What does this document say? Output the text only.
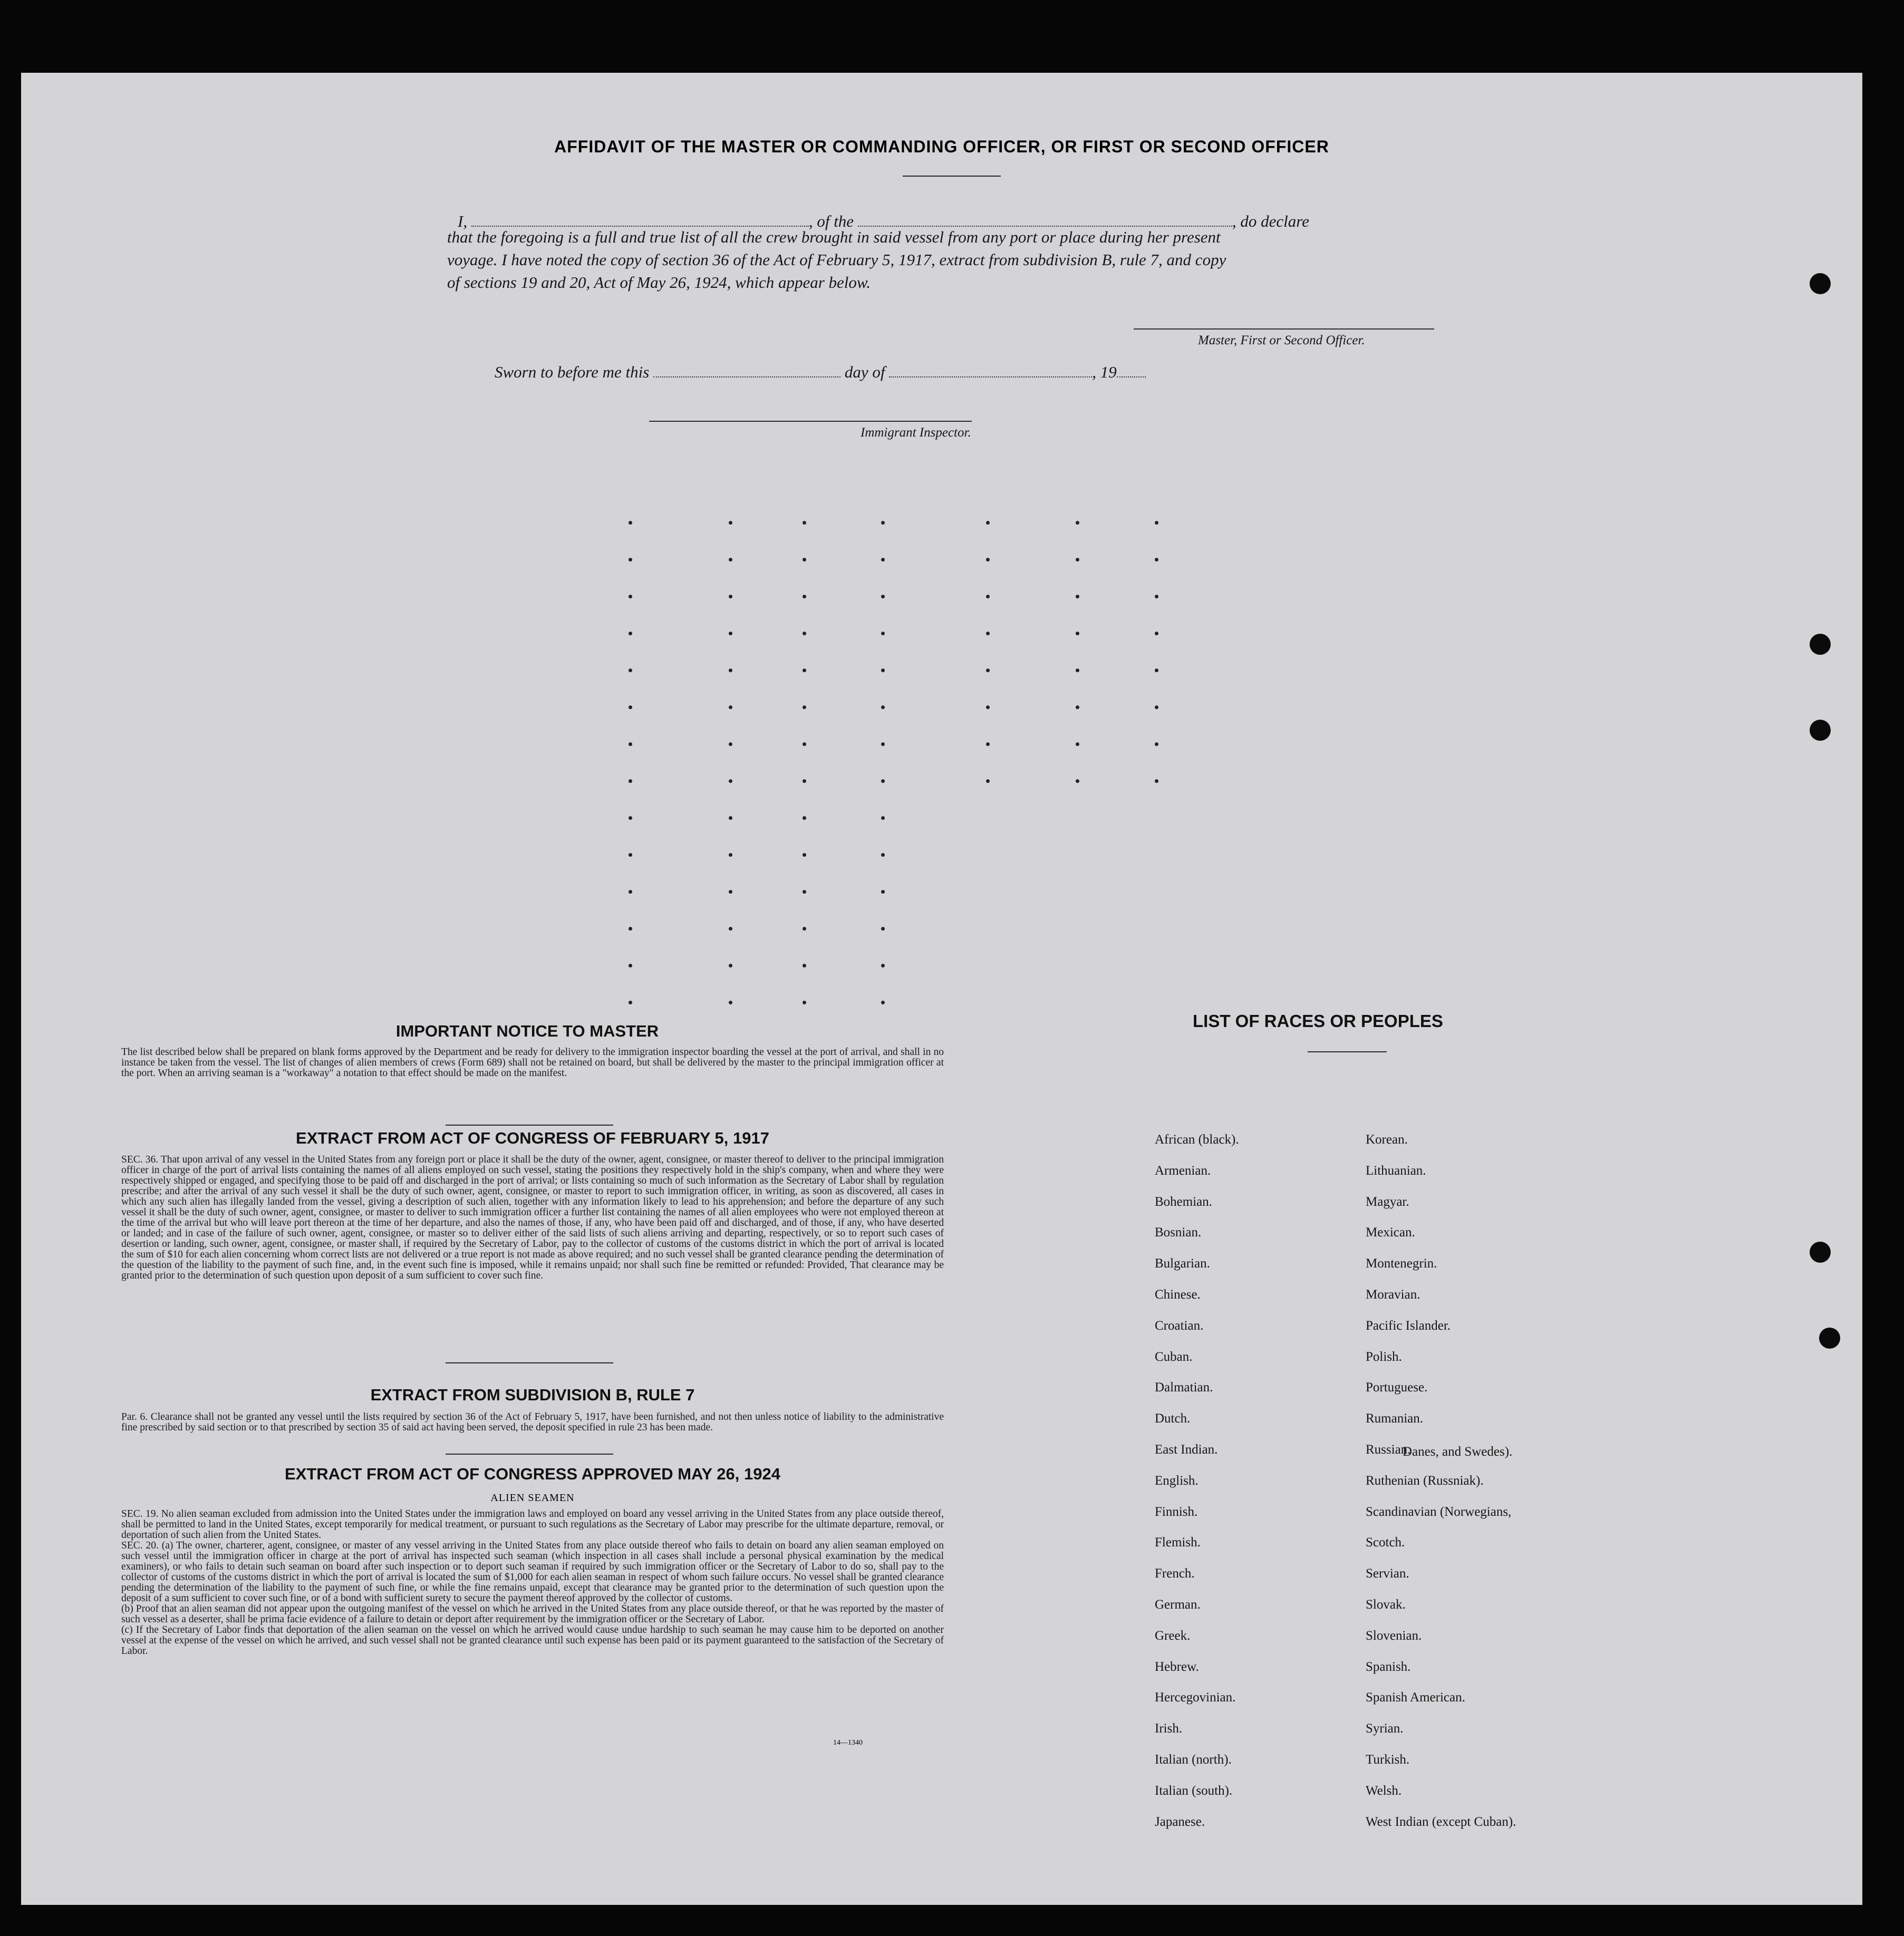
AFFIDAVIT OF THE MASTER OR COMMANDING OFFICER, OR FIRST OR SECOND OFFICER
I,	, of the	, do declare
that the foregoing is a full and true list of all the crew brought in said vessel from any port or place during her present
voyage. I have noted the copy of section 36 of the Act of February 5, 1917, extract from subdivision B, rule 7, and copy
of sections 19 and 20, Act of May 26, 1924, which appear below.
Master, First or Second Officer.
Sworn to before me this	day of	, 19
Immigrant Inspector.
IMPORTANT NOTICE TO MASTER
The list described below shall be prepared on blank forms approved by the Department and be ready for delivery to the immigration inspector boarding the vessel at the port of arrival, and shall in no instance be taken from the vessel. The list of changes of alien members of crews (Form 689) shall not be retained on board, but shall be delivered by the master to the principal immigration officer at the port. When an arriving seaman is a "workaway" a notation to that effect should be made on the manifest.
EXTRACT FROM ACT OF CONGRESS OF FEBRUARY 5, 1917
SEC. 36. That upon arrival of any vessel in the United States from any foreign port or place it shall be the duty of the owner, agent, consignee, or master thereof to deliver to the principal immigration officer in charge of the port of arrival lists containing the names of all aliens employed on such vessel, stating the positions they respectively hold in the ship's company, when and where they were respectively shipped or engaged, and specifying those to be paid off and discharged in the port of arrival; or lists containing so much of such information as the Secretary of Labor shall by regulation prescribe; and after the arrival of any such vessel it shall be the duty of such owner, agent, consignee, or master to report to such immigration officer, in writing, as soon as discovered, all cases in which any such alien has illegally landed from the vessel, giving a description of such alien, together with any information likely to lead to his apprehension; and before the departure of any such vessel it shall be the duty of such owner, agent, consignee, or master to deliver to such immigration officer a further list containing the names of all alien employees who were not employed thereon at the time of the arrival but who will leave port thereon at the time of her departure, and also the names of those, if any, who have been paid off and discharged, and of those, if any, who have deserted or landed; and in case of the failure of such owner, agent, consignee, or master so to deliver either of the said lists of such aliens arriving and departing, respectively, or so to report such cases of desertion or landing, such owner, agent, consignee, or master shall, if required by the Secretary of Labor, pay to the collector of customs of the customs district in which the port of arrival is located the sum of $10 for each alien concerning whom correct lists are not delivered or a true report is not made as above required; and no such vessel shall be granted clearance pending the determination of the question of the liability to the payment of such fine, and, in the event such fine is imposed, while it remains unpaid; nor shall such fine be remitted or refunded: Provided, That clearance may be granted prior to the determination of such question upon deposit of a sum sufficient to cover such fine.
EXTRACT FROM SUBDIVISION B, RULE 7
Par. 6. Clearance shall not be granted any vessel until the lists required by section 36 of the Act of February 5, 1917, have been furnished, and not then unless notice of liability to the administrative fine prescribed by said section or to that prescribed by section 35 of said act having been served, the deposit specified in rule 23 has been made.
EXTRACT FROM ACT OF CONGRESS APPROVED MAY 26, 1924
ALIEN SEAMEN
SEC. 19. No alien seaman excluded from admission into the United States under the immigration laws and employed on board any vessel arriving in the United States from any place outside thereof, shall be permitted to land in the United States, except temporarily for medical treatment, or pursuant to such regulations as the Secretary of Labor may prescribe for the ultimate departure, removal, or deportation of such alien from the United States.
SEC. 20. (a) The owner, charterer, agent, consignee, or master of any vessel arriving in the United States from any place outside thereof who fails to detain on board any alien seaman employed on such vessel until the immigration officer in charge at the port of arrival has inspected such seaman (which inspection in all cases shall include a personal physical examination by the medical examiners), or who fails to detain such seaman on board after such inspection or to deport such seaman if required by such immigration officer or the Secretary of Labor to do so, shall pay to the collector of customs of the customs district in which the port of arrival is located the sum of $1,000 for each alien seaman in respect of whom such failure occurs. No vessel shall be granted clearance pending the determination of the liability to the payment of such fine, or while the fine remains unpaid, except that clearance may be granted prior to the determination of such question upon the deposit of a sum sufficient to cover such fine, or of a bond with sufficient surety to secure the payment thereof approved by the collector of customs.
(b) Proof that an alien seaman did not appear upon the outgoing manifest of the vessel on which he arrived in the United States from any place outside thereof, or that he was reported by the master of such vessel as a deserter, shall be prima facie evidence of a failure to detain or deport after requirement by the immigration officer or the Secretary of Labor.
(c) If the Secretary of Labor finds that deportation of the alien seaman on the vessel on which he arrived would cause undue hardship to such seaman he may cause him to be deported on another vessel at the expense of the vessel on which he arrived, and such vessel shall not be granted clearance until such expense has been paid or its payment guaranteed to the satisfaction of the Secretary of Labor.
14—1340
LIST OF RACES OR PEOPLES
African (black).
Armenian.
Bohemian.
Bosnian.
Bulgarian.
Chinese.
Croatian.
Cuban.
Dalmatian.
Dutch.
East Indian.
English.
Finnish.
Flemish.
French.
German.
Greek.
Hebrew.
Hercegovinian.
Irish.
Italian (north).
Italian (south).
Japanese.
Korean.
Lithuanian.
Magyar.
Mexican.
Montenegrin.
Moravian.
Pacific Islander.
Polish.
Portuguese.
Rumanian.
Russian.
Ruthenian (Russniak).
Scandinavian (Norwegians,
Scotch.
Servian.
Slovak.
Slovenian.
Spanish.
Spanish American.
Syrian.
Turkish.
Welsh.
West Indian (except Cuban).
Danes, and Swedes).
